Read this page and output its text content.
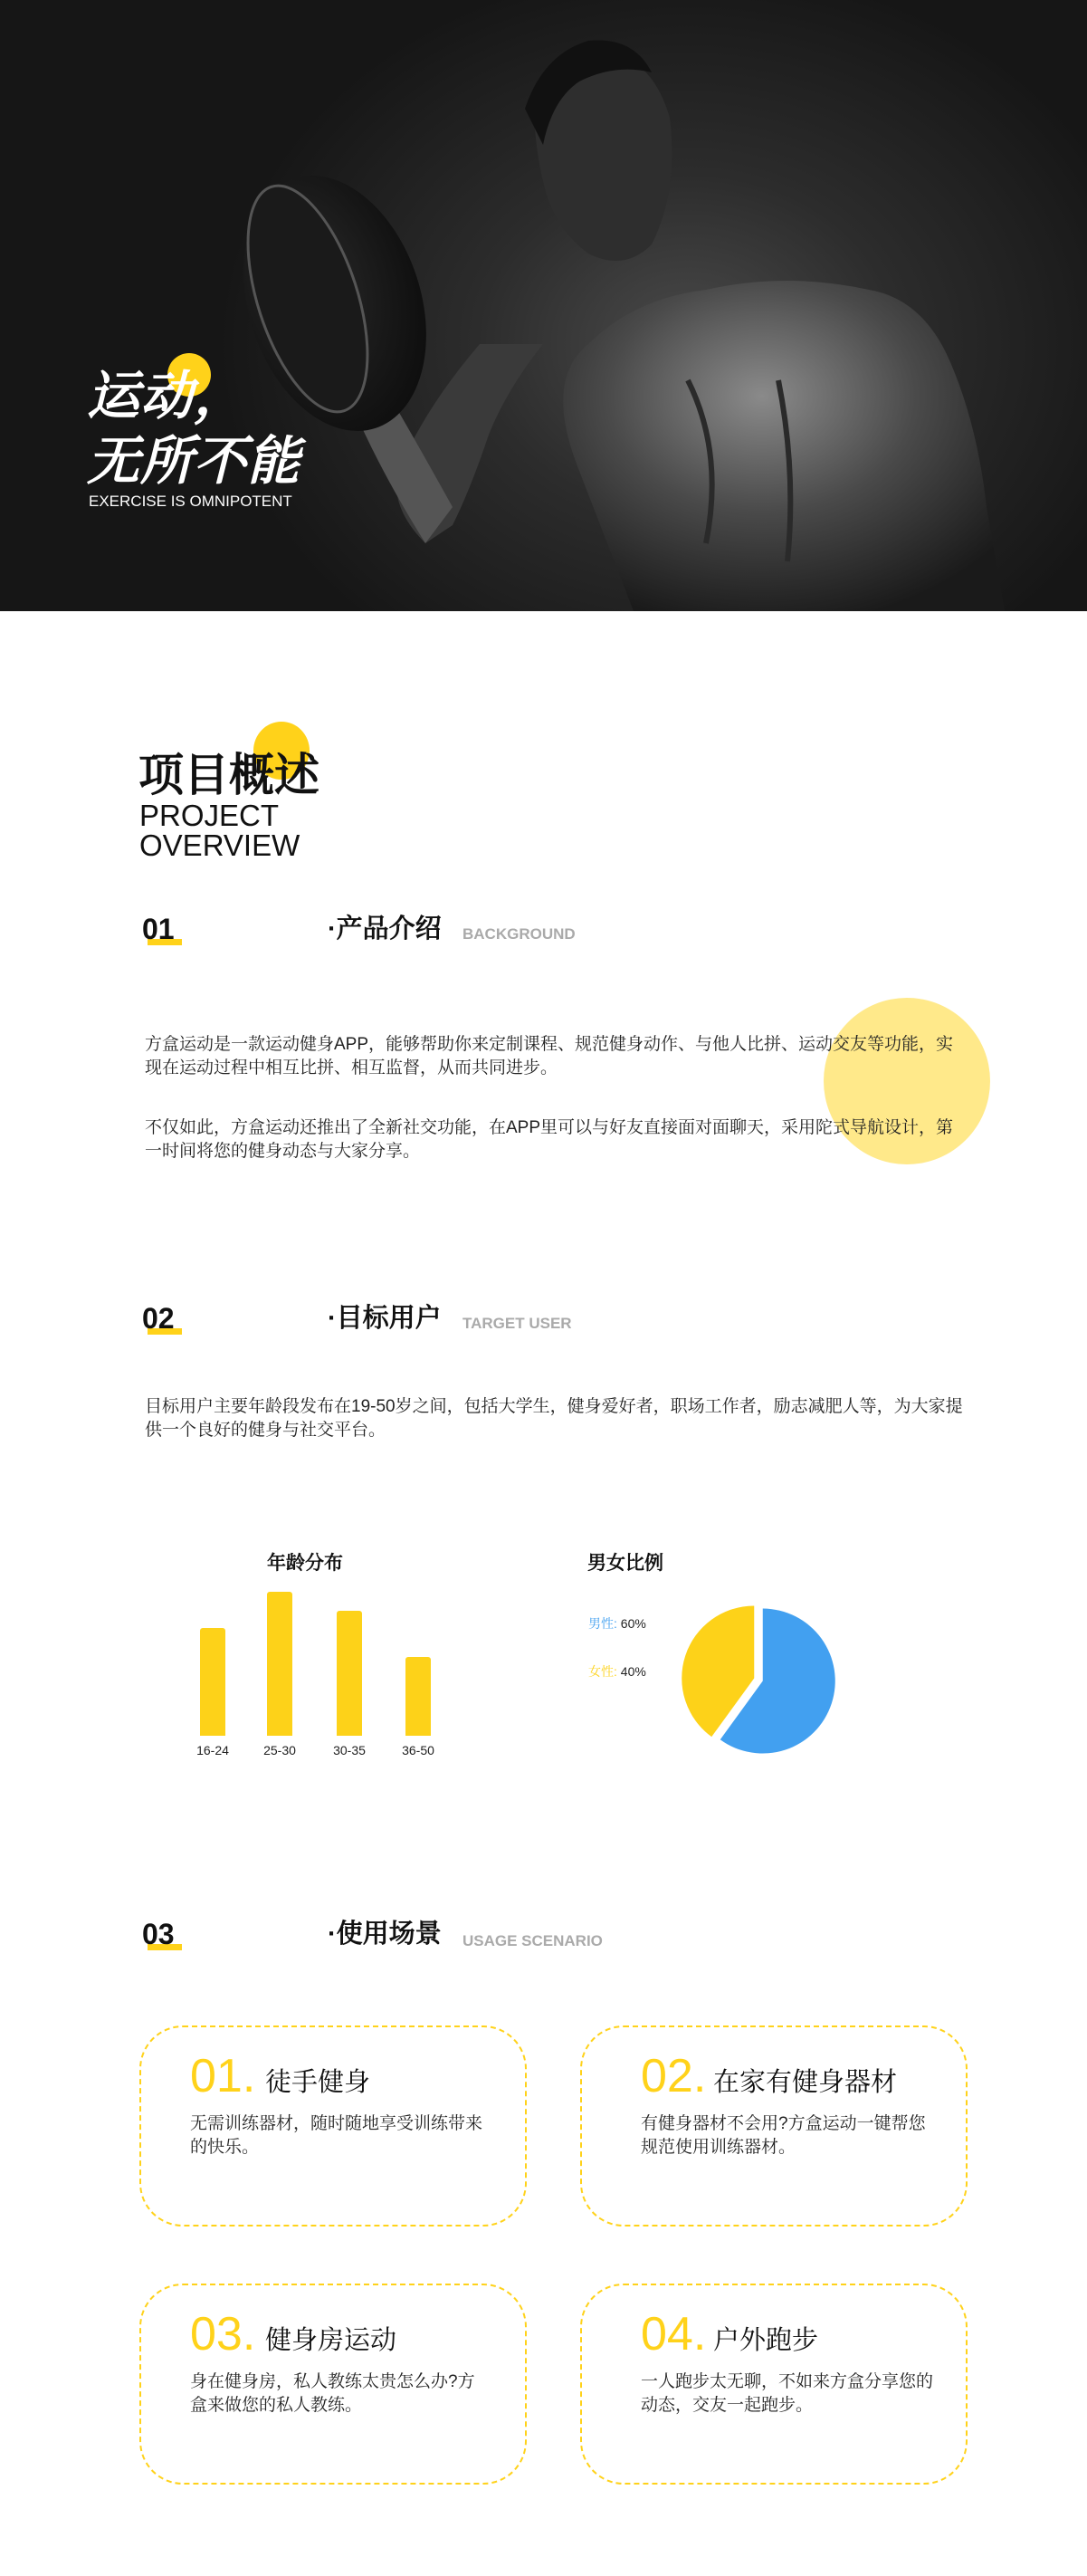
运动，
无所不能
EXERCISE IS OMNIPOTENT
项目概述
PROJECT
OVERVIEW
01	·产品介绍 BACKGROUND
方盒运动是一款运动健身APP，能够帮助你来定制课程、规范健身动作、与他人比拼、运动交友等功能，实现在运动过程中相互比拼、相互监督，从而共同进步。
不仅如此，方盒运动还推出了全新社交功能，在APP里可以与好友直接面对面聊天，采用陀式导航设计，第一时间将您的健身动态与大家分享。
02	·目标用户 TARGET USER
目标用户主要年龄段发布在19-50岁之间，包括大学生，健身爱好者，职场工作者，励志减肥人等，为大家提供一个良好的健身与社交平台。
年龄分布
16-24	25-30	30-35	36-50
男女比例
男性: 60%
女性: 40%
03	·使用场景 USAGE SCENARIO
01. 徒手健身
无需训练器材，随时随地享受训练带来的快乐。
02. 在家有健身器材
有健身器材不会用?方盒运动一键帮您规范使用训练器材。
03. 健身房运动
身在健身房，私人教练太贵怎么办?方盒来做您的私人教练。
04. 户外跑步
一人跑步太无聊，不如来方盒分享您的动态，交友一起跑步。
